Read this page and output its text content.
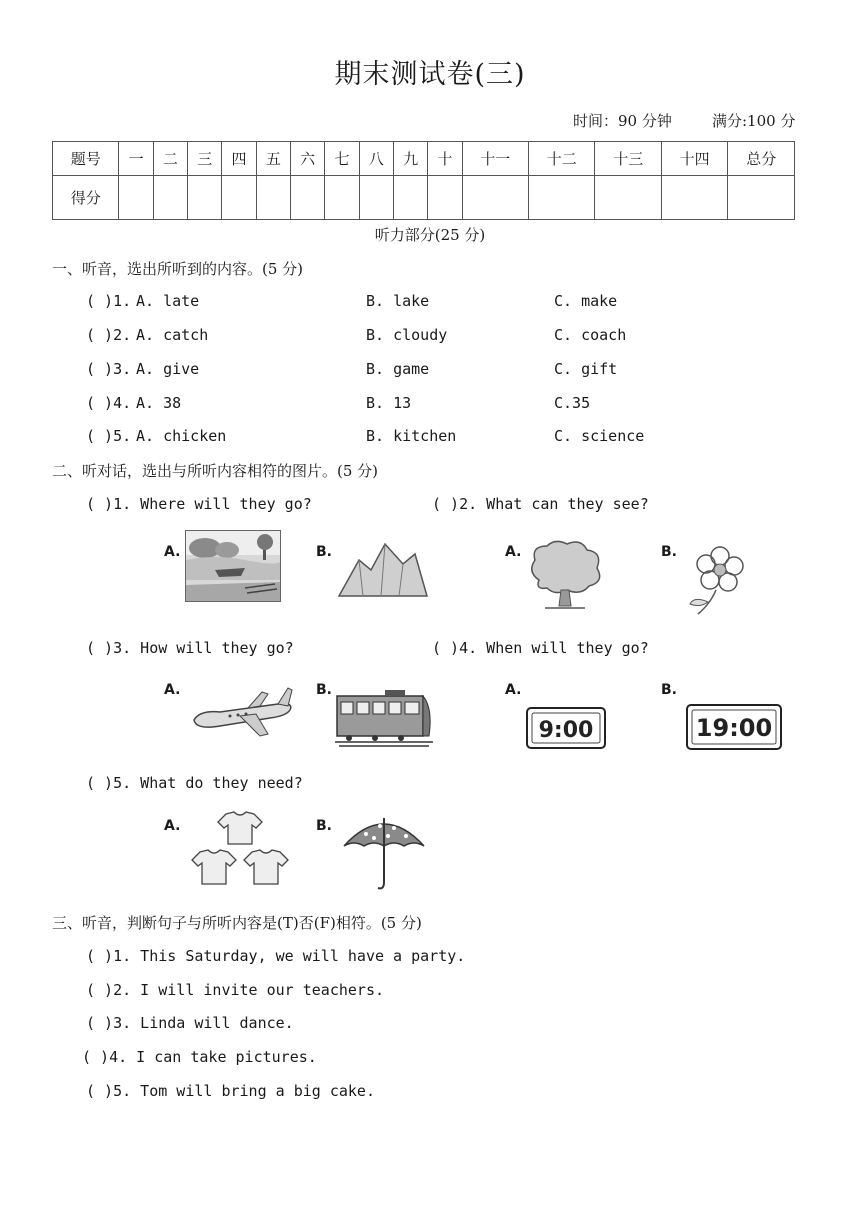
期末测试卷(三)
时间：90 分钟	满分:100 分
题号	一	二	三	四	五	六	七	八	九	十	十一	十二	十三	十四	总分
得分															
听力部分(25 分)
一、听音，选出所听到的内容。(5 分)
( )1. A. late	B. lake	C. make
( )2. A. catch	B. cloudy	C. coach
( )3. A. give	B. game	C. gift
( )4. A. 38	B. 13	C.35
( )5. A. chicken	B. kitchen	C. science
二、听对话，选出与所听内容相符的图片。(5 分)
( )1. Where will they go?	( )2. What can they see?
A.	B.	A.	B.
( )3. How will they go?	( )4. When will they go?
A.	B.	A.
9:00
B.
19:00
( )5. What do they need?
A.	B.
三、听音，判断句子与所听内容是(T)否(F)相符。(5 分)
( )1. This Saturday, we will have a party.
( )2. I will invite our teachers.
( )3. Linda will dance.
( )4. I can take pictures.
( )5. Tom will bring a big cake.
